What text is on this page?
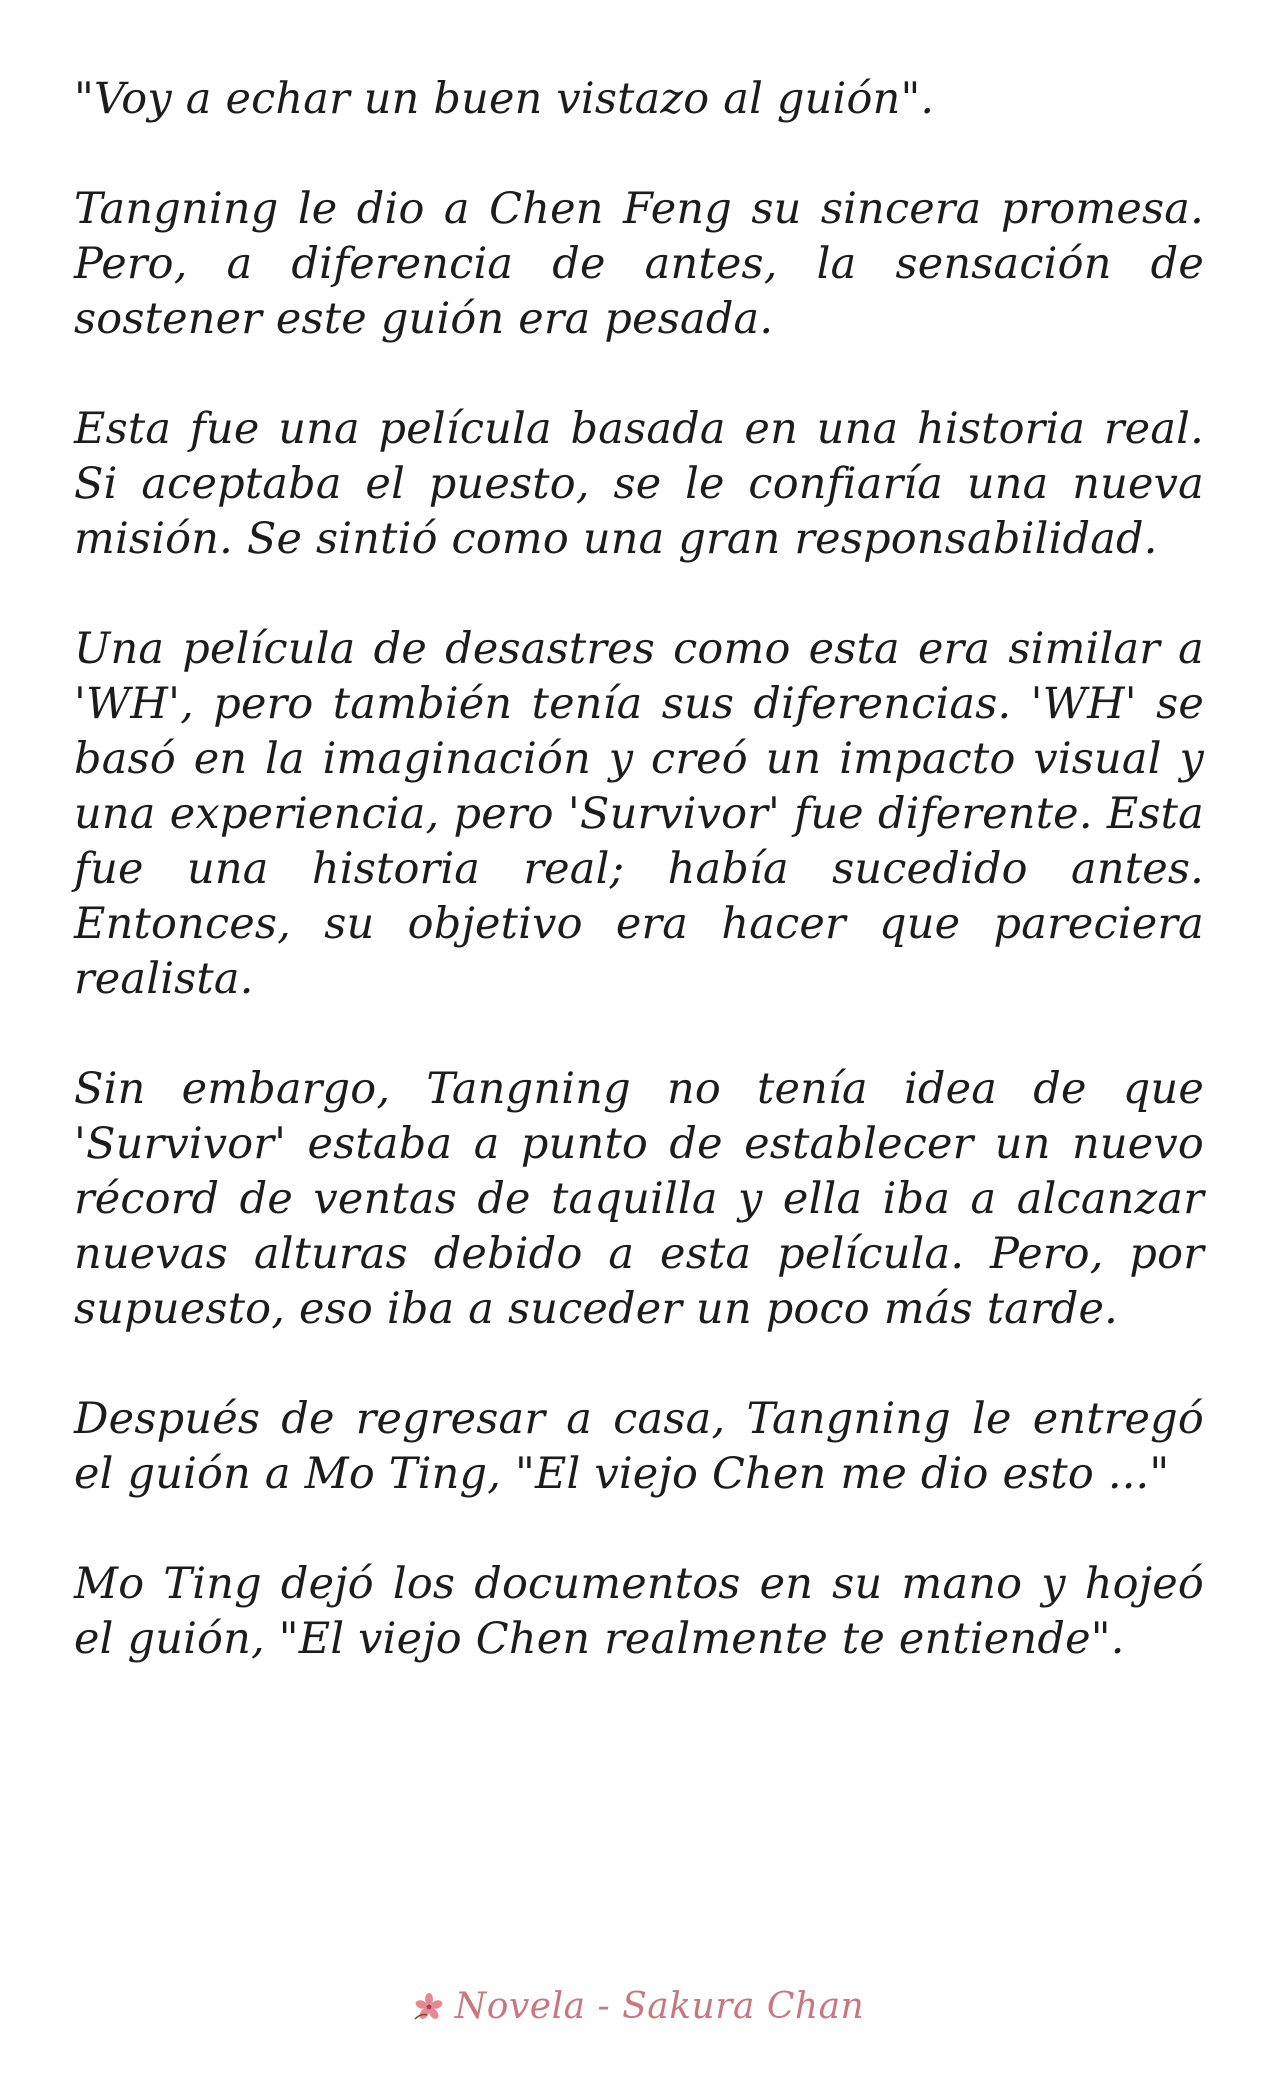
"Voy a echar un buen vistazo al guión".

Tangning le dio a Chen Feng su sincera promesa. Pero, a diferencia de antes, la sensación de sostener este guión era pesada.

Esta fue una película basada en una historia real. Si aceptaba el puesto, se le confiaría una nueva misión. Se sintió como una gran responsabilidad.

Una película de desastres como esta era similar a 'WH', pero también tenía sus diferencias. 'WH' se basó en la imaginación y creó un impacto visual y una experiencia, pero 'Survivor' fue diferente. Esta fue una historia real; había sucedido antes. Entonces, su objetivo era hacer que pareciera realista.

Sin embargo, Tangning no tenía idea de que 'Survivor' estaba a punto de establecer un nuevo récord de ventas de taquilla y ella iba a alcanzar nuevas alturas debido a esta película. Pero, por supuesto, eso iba a suceder un poco más tarde.

Después de regresar a casa, Tangning le entregó el guión a Mo Ting, "El viejo Chen me dio esto ..."

Mo Ting dejó los documentos en su mano y hojeó el guión, "El viejo Chen realmente te entiende".

Novela - Sakura Chan
